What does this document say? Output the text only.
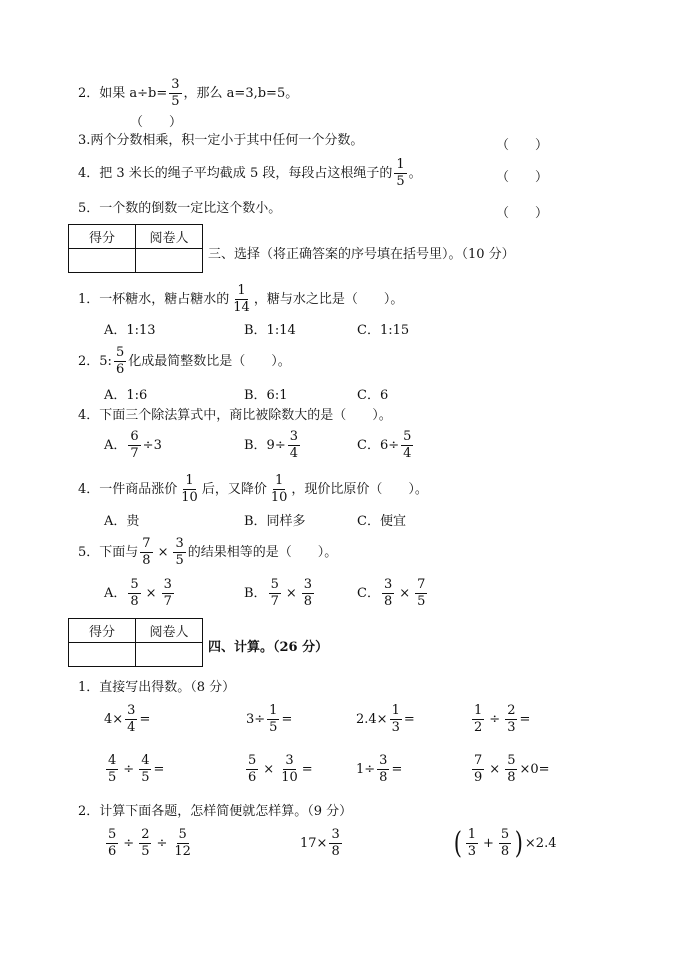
2．如果 $a\div b= \frac{3}{5}$ ，那么 a=3,b=5。
（　　）
3.两个分数相乘，积一定小于其中任何一个分数。	（　　）
4．把 3 米长的绳子平均截成 5 段，每段占这根绳子的 $\frac{1}{5}$ 。	（　　）
5．一个数的倒数一定比这个数小。	（　　）
得分	阅卷人

三、选择（将正确答案的序号填在括号里）。（10 分）
1．一杯糖水，糖占糖水的 $\frac{1}{14}$ ，糖与水之比是（　　）。
A．1:13	B．1:14	C．1:15
2．5: $\frac{5}{6}$ 化成最简整数比是（　　）。
A．1:6	B．6:1	C．6
4．下面三个除法算式中，商比被除数大的是（　　）。
A． $\frac{6}{7} \div 3$	B．$9\div \frac{3}{4}$	C．$6\div \frac{5}{4}$
4．一件商品涨价 $\frac{1}{10}$ 后，又降价 $\frac{1}{10}$ ，现价比原价（　　）。
A．贵	B．同样多	C．便宜
5．下面与 $\frac{7}{8} \times \frac{3}{5}$ 的结果相等的是（　　）。
A． $\frac{5}{8} \times \frac{3}{7}$	B． $\frac{5}{7} \times \frac{3}{8}$	C． $\frac{3}{8} \times \frac{7}{5}$
得分	阅卷人

四、计算。（26 分）
1．直接写出得数。（8 分）
$4\times \frac{3}{4}$ =	$3\div \frac{1}{5}$ =	$2.4\times \frac{1}{3}$ =	$\frac{1}{2} \div \frac{2}{3}$ =
$\frac{4}{5} \div \frac{4}{5}$ =	$\frac{5}{6} \times \frac{3}{10}$ =	$1\div \frac{3}{8}$ =	$\frac{7}{9} \times \frac{5}{8} \times 0=$
2．计算下面各题，怎样简便就怎样算。（9 分）
$\frac{5}{6} \div \frac{2}{5} \div \frac{5}{12}$	$17\times \frac{3}{8}$	( $\frac{1}{3} + \frac{5}{8}$ ) ×2.4
